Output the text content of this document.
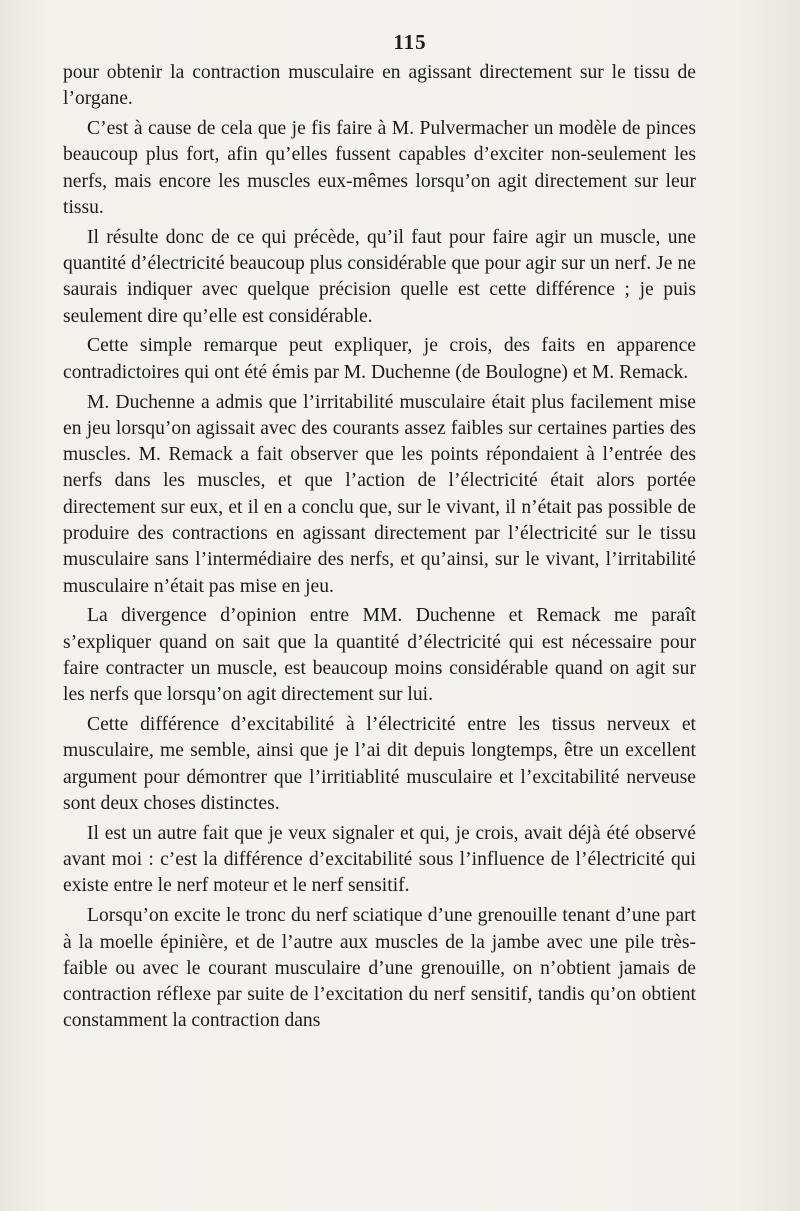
115

pour obtenir la contraction musculaire en agissant directement sur le tissu de l’organe.

C’est à cause de cela que je fis faire à M. Pulvermacher un modèle de pinces beaucoup plus fort, afin qu’elles fussent capables d’exciter non-seulement les nerfs, mais encore les muscles eux-mêmes lorsqu’on agit directement sur leur tissu.

Il résulte donc de ce qui précède, qu’il faut pour faire agir un muscle, une quantité d’électricité beaucoup plus considérable que pour agir sur un nerf. Je ne saurais indiquer avec quelque précision quelle est cette différence ; je puis seulement dire qu’elle est considérable.

Cette simple remarque peut expliquer, je crois, des faits en apparence contradictoires qui ont été émis par M. Duchenne (de Boulogne) et M. Remack.

M. Duchenne a admis que l’irritabilité musculaire était plus facilement mise en jeu lorsqu’on agissait avec des courants assez faibles sur certaines parties des muscles. M. Remack a fait observer que les points répondaient à l’entrée des nerfs dans les muscles, et que l’action de l’électricité était alors portée directement sur eux, et il en a conclu que, sur le vivant, il n’était pas possible de produire des contractions en agissant directement par l’électricité sur le tissu musculaire sans l’intermédiaire des nerfs, et qu’ainsi, sur le vivant, l’irritabilité musculaire n’était pas mise en jeu.

La divergence d’opinion entre MM. Duchenne et Remack me paraît s’expliquer quand on sait que la quantité d’électricité qui est nécessaire pour faire contracter un muscle, est beaucoup moins considérable quand on agit sur les nerfs que lorsqu’on agit directement sur lui.

Cette différence d’excitabilité à l’électricité entre les tissus nerveux et musculaire, me semble, ainsi que je l’ai dit depuis longtemps, être un excellent argument pour démontrer que l’irritiablité musculaire et l’excitabilité nerveuse sont deux choses distinctes.

Il est un autre fait que je veux signaler et qui, je crois, avait déjà été observé avant moi : c’est la différence d’excitabilité sous l’influence de l’électricité qui existe entre le nerf moteur et le nerf sensitif.

Lorsqu’on excite le tronc du nerf sciatique d’une grenouille tenant d’une part à la moelle épinière, et de l’autre aux muscles de la jambe avec une pile très-faible ou avec le courant musculaire d’une grenouille, on n’obtient jamais de contraction réflexe par suite de l’excitation du nerf sensitif, tandis qu’on obtient constamment la contraction dans
